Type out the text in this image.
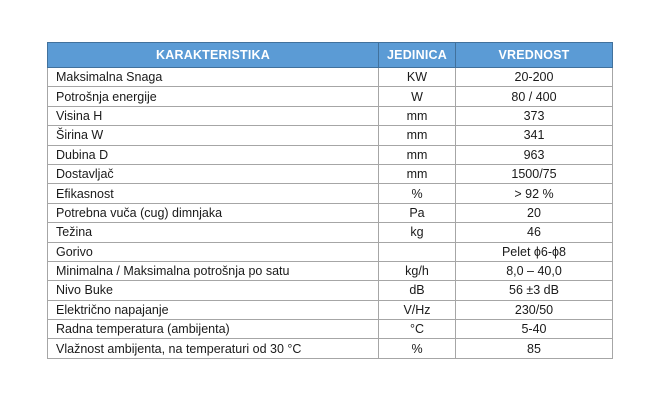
KARAKTERISTIKA	JEDINICA	VREDNOST
Maksimalna Snaga	KW	20-200
Potrošnja energije	W	80 / 400
Visina H	mm	373
Širina W	mm	341
Dubina D	mm	963
Dostavljač	mm	1500/75
Efikasnost	%	> 92 %
Potrebna vuča (cug) dimnjaka	Pa	20
Težina	kg	46
Gorivo		Pelet ϕ6-ϕ8
Minimalna / Maksimalna potrošnja po satu	kg/h	8,0 – 40,0
Nivo Buke	dB	56 ±3 dB
Električno napajanje	V/Hz	230/50
Radna temperatura (ambijenta)	°C	5-40
Vlažnost ambijenta, na temperaturi od 30 °C	%	85
